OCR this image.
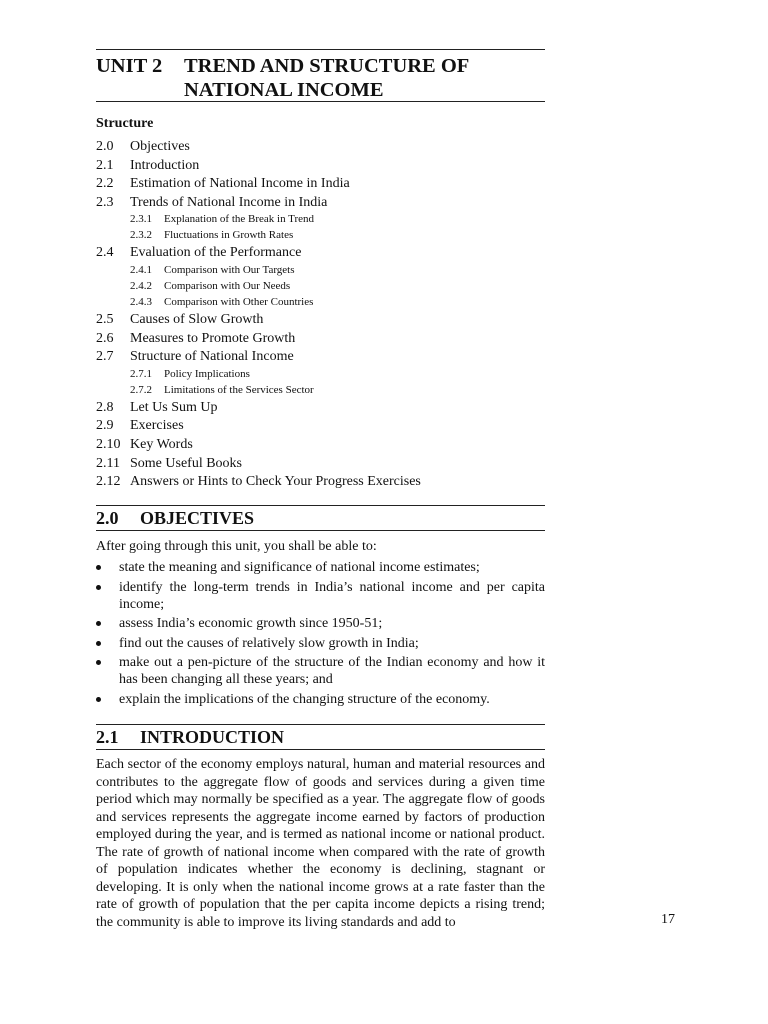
UNIT 2	TREND AND STRUCTURE OF
NATIONAL INCOME
Structure
2.0	Objectives
2.1	Introduction
2.2	Estimation of National Income in India
2.3	Trends of National Income in India
2.3.1	Explanation of the Break in Trend
2.3.2	Fluctuations in Growth Rates
2.4	Evaluation of the Performance
2.4.1	Comparison with Our Targets
2.4.2	Comparison with Our Needs
2.4.3	Comparison with Other Countries
2.5	Causes of Slow Growth
2.6	Measures to Promote Growth
2.7	Structure of National Income
2.7.1	Policy Implications
2.7.2	Limitations of the Services Sector
2.8	Let Us Sum Up
2.9	Exercises
2.10 Key Words
2.11 Some Useful Books
2.12 Answers or Hints to Check Your Progress Exercises
2.0	OBJECTIVES
After going through this unit, you shall be able to:
state the meaning and significance of national income estimates;
identify the long-term trends in India’s national income and per capita income;
assess India’s economic growth since 1950-51;
find out the causes of relatively slow growth in India;
make out a pen-picture of the structure of the Indian economy and how it has been changing all these years; and
explain the implications of the changing structure of the economy.
2.1	INTRODUCTION
Each sector of the economy employs natural, human and material resources and contributes to the aggregate flow of goods and services during a given time period which may normally be specified as a year. The aggregate flow of goods and services represents the aggregate income earned by factors of production employed during the year, and is termed as national income or national product. The rate of growth of national income when compared with the rate of growth of population indicates whether the economy is declining, stagnant or developing. It is only when the national income grows at a rate faster than the rate of growth of population that the per capita income depicts a rising trend; the community is able to improve its living standards and add to	17
